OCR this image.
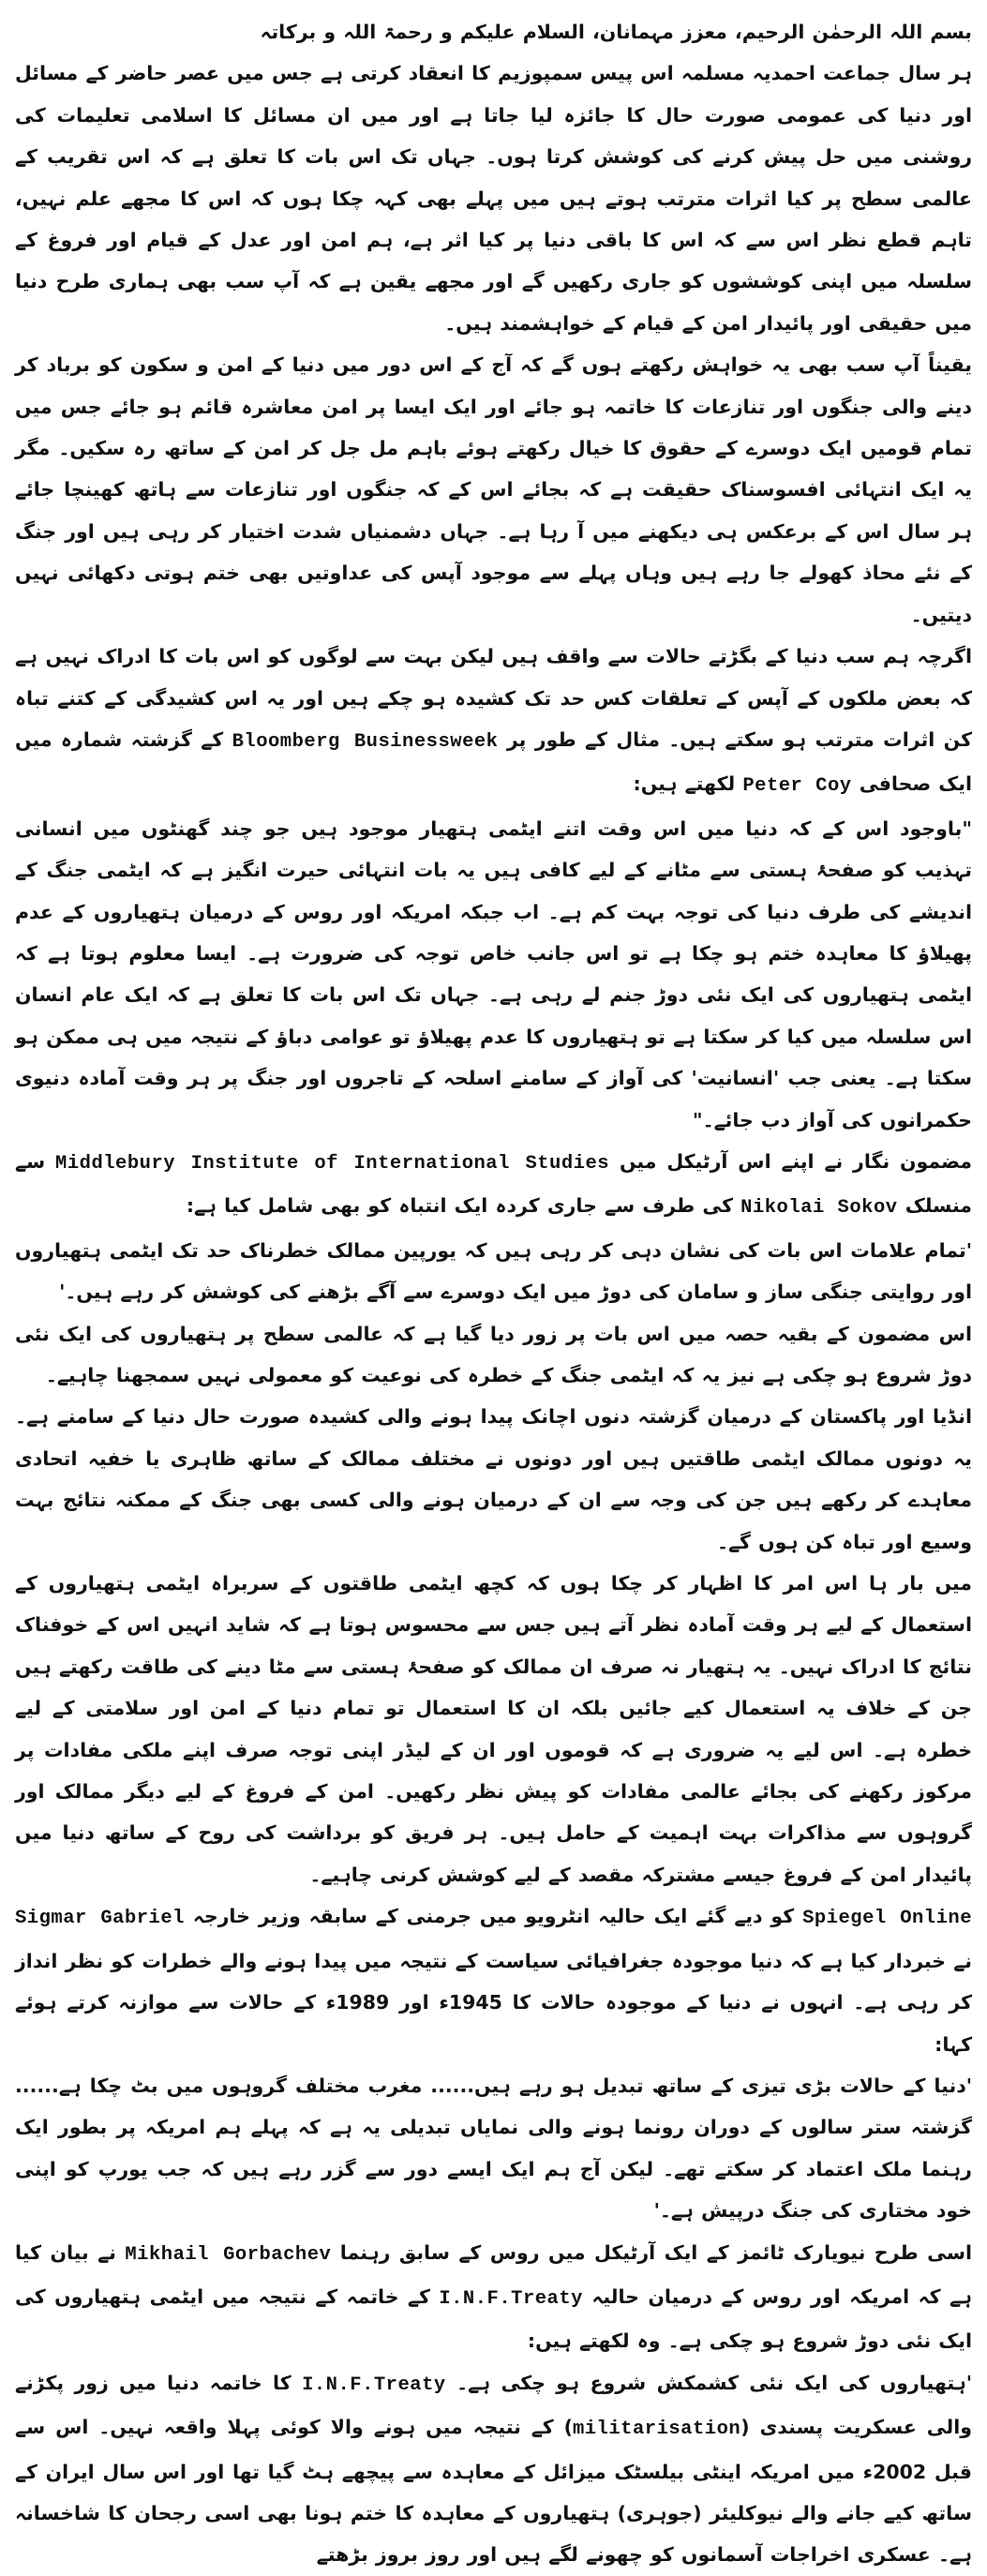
بسم اللہ الرحمٰن الرحیم، معزز مہمانان، السلام علیکم و رحمۃ اللہ و برکاتہ

ہر سال جماعت احمدیہ مسلمہ اس پیس سمپوزیم کا انعقاد کرتی ہے جس میں عصر حاضر کے مسائل اور دنیا کی عمومی صورت حال کا جائزہ لیا جاتا ہے اور میں ان مسائل کا اسلامی تعلیمات کی روشنی میں حل پیش کرنے کی کوشش کرتا ہوں۔ جہاں تک اس بات کا تعلق ہے کہ اس تقریب کے عالمی سطح پر کیا اثرات مترتب ہوتے ہیں میں پہلے بھی کہہ چکا ہوں کہ اس کا مجھے علم نہیں، تاہم قطع نظر اس سے کہ اس کا باقی دنیا پر کیا اثر ہے، ہم امن اور عدل کے قیام اور فروغ کے سلسلہ میں اپنی کوششوں کو جاری رکھیں گے اور مجھے یقین ہے کہ آپ سب بھی ہماری طرح دنیا میں حقیقی اور پائیدار امن کے قیام کے خواہشمند ہیں۔

یقیناً آپ سب بھی یہ خواہش رکھتے ہوں گے کہ آج کے اس دور میں دنیا کے امن و سکون کو برباد کر دینے والی جنگوں اور تنازعات کا خاتمہ ہو جائے اور ایک ایسا پر امن معاشرہ قائم ہو جائے جس میں تمام قومیں ایک دوسرے کے حقوق کا خیال رکھتے ہوئے باہم مل جل کر امن کے ساتھ رہ سکیں۔ مگر یہ ایک انتہائی افسوسناک حقیقت ہے کہ بجائے اس کے کہ جنگوں اور تنازعات سے ہاتھ کھینچا جائے ہر سال اس کے برعکس ہی دیکھنے میں آ رہا ہے۔ جہاں دشمنیاں شدت اختیار کر رہی ہیں اور جنگ کے نئے محاذ کھولے جا رہے ہیں وہاں پہلے سے موجود آپس کی عداوتیں بھی ختم ہوتی دکھائی نہیں دیتیں۔

اگرچہ ہم سب دنیا کے بگڑتے حالات سے واقف ہیں لیکن بہت سے لوگوں کو اس بات کا ادراک نہیں ہے کہ بعض ملکوں کے آپس کے تعلقات کس حد تک کشیدہ ہو چکے ہیں اور یہ اس کشیدگی کے کتنے تباہ کن اثرات مترتب ہو سکتے ہیں۔ مثال کے طور پر Bloomberg Businessweek کے گزشتہ شمارہ میں ایک صحافی Peter Coy لکھتے ہیں:

"باوجود اس کے کہ دنیا میں اس وقت اتنے ایٹمی ہتھیار موجود ہیں جو چند گھنٹوں میں انسانی تہذیب کو صفحۂ ہستی سے مٹانے کے لیے کافی ہیں یہ بات انتہائی حیرت انگیز ہے کہ ایٹمی جنگ کے اندیشے کی طرف دنیا کی توجہ بہت کم ہے۔ اب جبکہ امریکہ اور روس کے درمیان ہتھیاروں کے عدم پھیلاؤ کا معاہدہ ختم ہو چکا ہے تو اس جانب خاص توجہ کی ضرورت ہے۔ ایسا معلوم ہوتا ہے کہ ایٹمی ہتھیاروں کی ایک نئی دوڑ جنم لے رہی ہے۔ جہاں تک اس بات کا تعلق ہے کہ ایک عام انسان اس سلسلہ میں کیا کر سکتا ہے تو ہتھیاروں کا عدم پھیلاؤ تو عوامی دباؤ کے نتیجہ میں ہی ممکن ہو سکتا ہے۔ یعنی جب 'انسانیت' کی آواز کے سامنے اسلحہ کے تاجروں اور جنگ پر ہر وقت آمادہ دنیوی حکمرانوں کی آواز دب جائے۔"

مضمون نگار نے اپنے اس آرٹیکل میں Middlebury Institute of International Studies سے منسلک Nikolai Sokov کی طرف سے جاری کردہ ایک انتباہ کو بھی شامل کیا ہے:

'تمام علامات اس بات کی نشان دہی کر رہی ہیں کہ یورپین ممالک خطرناک حد تک ایٹمی ہتھیاروں اور روایتی جنگی ساز و سامان کی دوڑ میں ایک دوسرے سے آگے بڑھنے کی کوشش کر رہے ہیں۔'

اس مضمون کے بقیہ حصہ میں اس بات پر زور دیا گیا ہے کہ عالمی سطح پر ہتھیاروں کی ایک نئی دوڑ شروع ہو چکی ہے نیز یہ کہ ایٹمی جنگ کے خطرہ کی نوعیت کو معمولی نہیں سمجھنا چاہیے۔

انڈیا اور پاکستان کے درمیان گزشتہ دنوں اچانک پیدا ہونے والی کشیدہ صورت حال دنیا کے سامنے ہے۔ یہ دونوں ممالک ایٹمی طاقتیں ہیں اور دونوں نے مختلف ممالک کے ساتھ ظاہری یا خفیہ اتحادی معاہدے کر رکھے ہیں جن کی وجہ سے ان کے درمیان ہونے والی کسی بھی جنگ کے ممکنہ نتائج بہت وسیع اور تباہ کن ہوں گے۔

میں بار ہا اس امر کا اظہار کر چکا ہوں کہ کچھ ایٹمی طاقتوں کے سربراہ ایٹمی ہتھیاروں کے استعمال کے لیے ہر وقت آمادہ نظر آتے ہیں جس سے محسوس ہوتا ہے کہ شاید انہیں اس کے خوفناک نتائج کا ادراک نہیں۔ یہ ہتھیار نہ صرف ان ممالک کو صفحۂ ہستی سے مٹا دینے کی طاقت رکھتے ہیں جن کے خلاف یہ استعمال کیے جائیں بلکہ ان کا استعمال تو تمام دنیا کے امن اور سلامتی کے لیے خطرہ ہے۔ اس لیے یہ ضروری ہے کہ قوموں اور ان کے لیڈر اپنی توجہ صرف اپنے ملکی مفادات پر مرکوز رکھنے کی بجائے عالمی مفادات کو پیش نظر رکھیں۔ امن کے فروغ کے لیے دیگر ممالک اور گروہوں سے مذاکرات بہت اہمیت کے حامل ہیں۔ ہر فریق کو برداشت کی روح کے ساتھ دنیا میں پائیدار امن کے فروغ جیسے مشترکہ مقصد کے لیے کوشش کرنی چاہیے۔

Spiegel Online کو دیے گئے ایک حالیہ انٹرویو میں جرمنی کے سابقہ وزیر خارجہ Sigmar Gabriel نے خبردار کیا ہے کہ دنیا موجودہ جغرافیائی سیاست کے نتیجہ میں پیدا ہونے والے خطرات کو نظر انداز کر رہی ہے۔ انہوں نے دنیا کے موجودہ حالات کا 1945ء اور 1989ء کے حالات سے موازنہ کرتے ہوئے کہا:

'دنیا کے حالات بڑی تیزی کے ساتھ تبدیل ہو رہے ہیں...... مغرب مختلف گروہوں میں بٹ چکا ہے...... گزشتہ ستر سالوں کے دوران رونما ہونے والی نمایاں تبدیلی یہ ہے کہ پہلے ہم امریکہ پر بطور ایک رہنما ملک اعتماد کر سکتے تھے۔ لیکن آج ہم ایک ایسے دور سے گزر رہے ہیں کہ جب یورپ کو اپنی خود مختاری کی جنگ درپیش ہے۔'

اسی طرح نیویارک ٹائمز کے ایک آرٹیکل میں روس کے سابق رہنما Mikhail Gorbachev نے بیان کیا ہے کہ امریکہ اور روس کے درمیان حالیہ I.N.F.Treaty کے خاتمہ کے نتیجہ میں ایٹمی ہتھیاروں کی ایک نئی دوڑ شروع ہو چکی ہے۔ وہ لکھتے ہیں:

'ہتھیاروں کی ایک نئی کشمکش شروع ہو چکی ہے۔ I.N.F.Treaty کا خاتمہ دنیا میں زور پکڑنے والی عسکریت پسندی (militarisation) کے نتیجہ میں ہونے والا کوئی پہلا واقعہ نہیں۔ اس سے قبل 2002ء میں امریکہ اینٹی بیلسٹک میزائل کے معاہدہ سے پیچھے ہٹ گیا تھا اور اس سال ایران کے ساتھ کیے جانے والے نیوکلیئر (جوہری) ہتھیاروں کے معاہدہ کا ختم ہونا بھی اسی رجحان کا شاخسانہ ہے۔ عسکری اخراجات آسمانوں کو چھونے لگے ہیں اور روز بروز بڑھتے
